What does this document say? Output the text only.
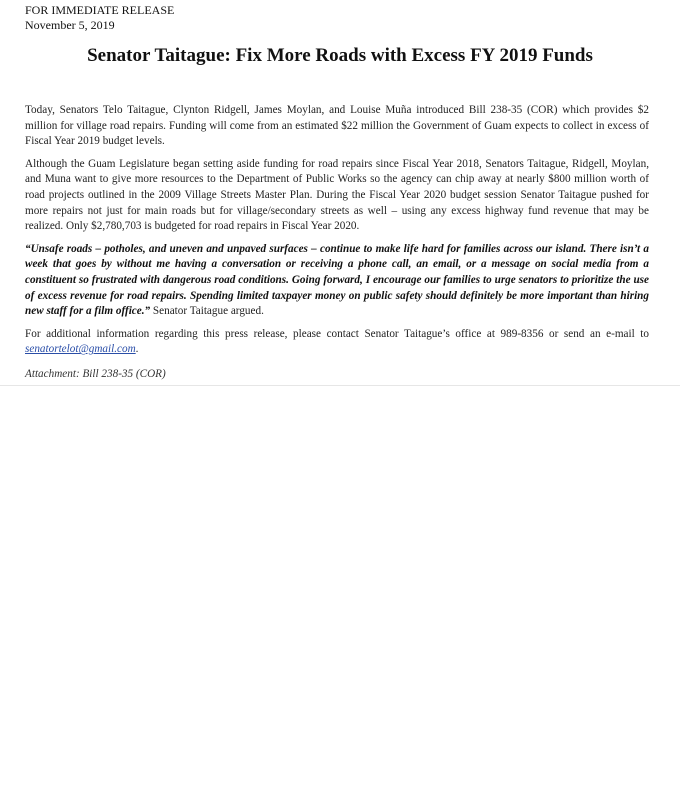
FOR IMMEDIATE RELEASE
November 5, 2019
Senator Taitague: Fix More Roads with Excess FY 2019 Funds

Today, Senators Telo Taitague, Clynton Ridgell, James Moylan, and Louise Muña introduced Bill 238-35 (COR) which provides $2 million for village road repairs. Funding will come from an estimated $22 million the Government of Guam expects to collect in excess of Fiscal Year 2019 budget levels.

Although the Guam Legislature began setting aside funding for road repairs since Fiscal Year 2018, Senators Taitague, Ridgell, Moylan, and Muna want to give more resources to the Department of Public Works so the agency can chip away at nearly $800 million worth of road projects outlined in the 2009 Village Streets Master Plan. During the Fiscal Year 2020 budget session Senator Taitague pushed for more repairs not just for main roads but for village/secondary streets as well – using any excess highway fund revenue that may be realized. Only $2,780,703 is budgeted for road repairs in Fiscal Year 2020.

“Unsafe roads – potholes, and uneven and unpaved surfaces – continue to make life hard for families across our island. There isn’t a week that goes by without me having a conversation or receiving a phone call, an email, or a message on social media from a constituent so frustrated with dangerous road conditions. Going forward, I encourage our families to urge senators to prioritize the use of excess revenue for road repairs. Spending limited taxpayer money on public safety should definitely be more important than hiring new staff for a film office.” Senator Taitague argued.

For additional information regarding this press release, please contact Senator Taitague’s office at 989-8356 or send an e-mail to senatortelot@gmail.com.

Attachment: Bill 238-35 (COR)
